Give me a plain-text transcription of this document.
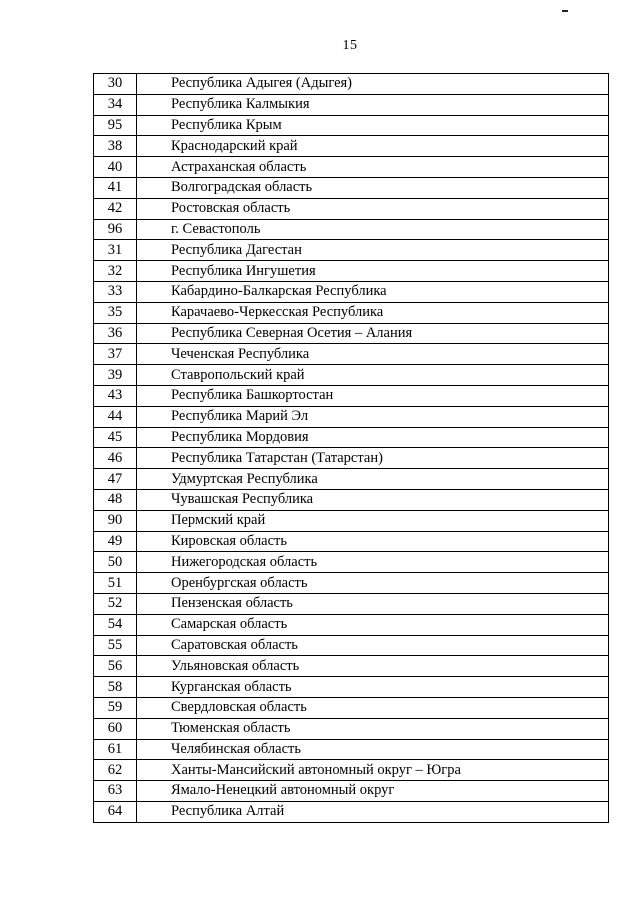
15
30	Республика Адыгея (Адыгея)
34	Республика Калмыкия
95	Республика Крым
38	Краснодарский край
40	Астраханская область
41	Волгоградская область
42	Ростовская область
96	г. Севастополь
31	Республика Дагестан
32	Республика Ингушетия
33	Кабардино-Балкарская Республика
35	Карачаево-Черкесская Республика
36	Республика Северная Осетия – Алания
37	Чеченская Республика
39	Ставропольский край
43	Республика Башкортостан
44	Республика Марий Эл
45	Республика Мордовия
46	Республика Татарстан (Татарстан)
47	Удмуртская Республика
48	Чувашская Республика
90	Пермский край
49	Кировская область
50	Нижегородская область
51	Оренбургская область
52	Пензенская область
54	Самарская область
55	Саратовская область
56	Ульяновская область
58	Курганская область
59	Свердловская область
60	Тюменская область
61	Челябинская область
62	Ханты-Мансийский автономный округ – Югра
63	Ямало-Ненецкий автономный округ
64	Республика Алтай
